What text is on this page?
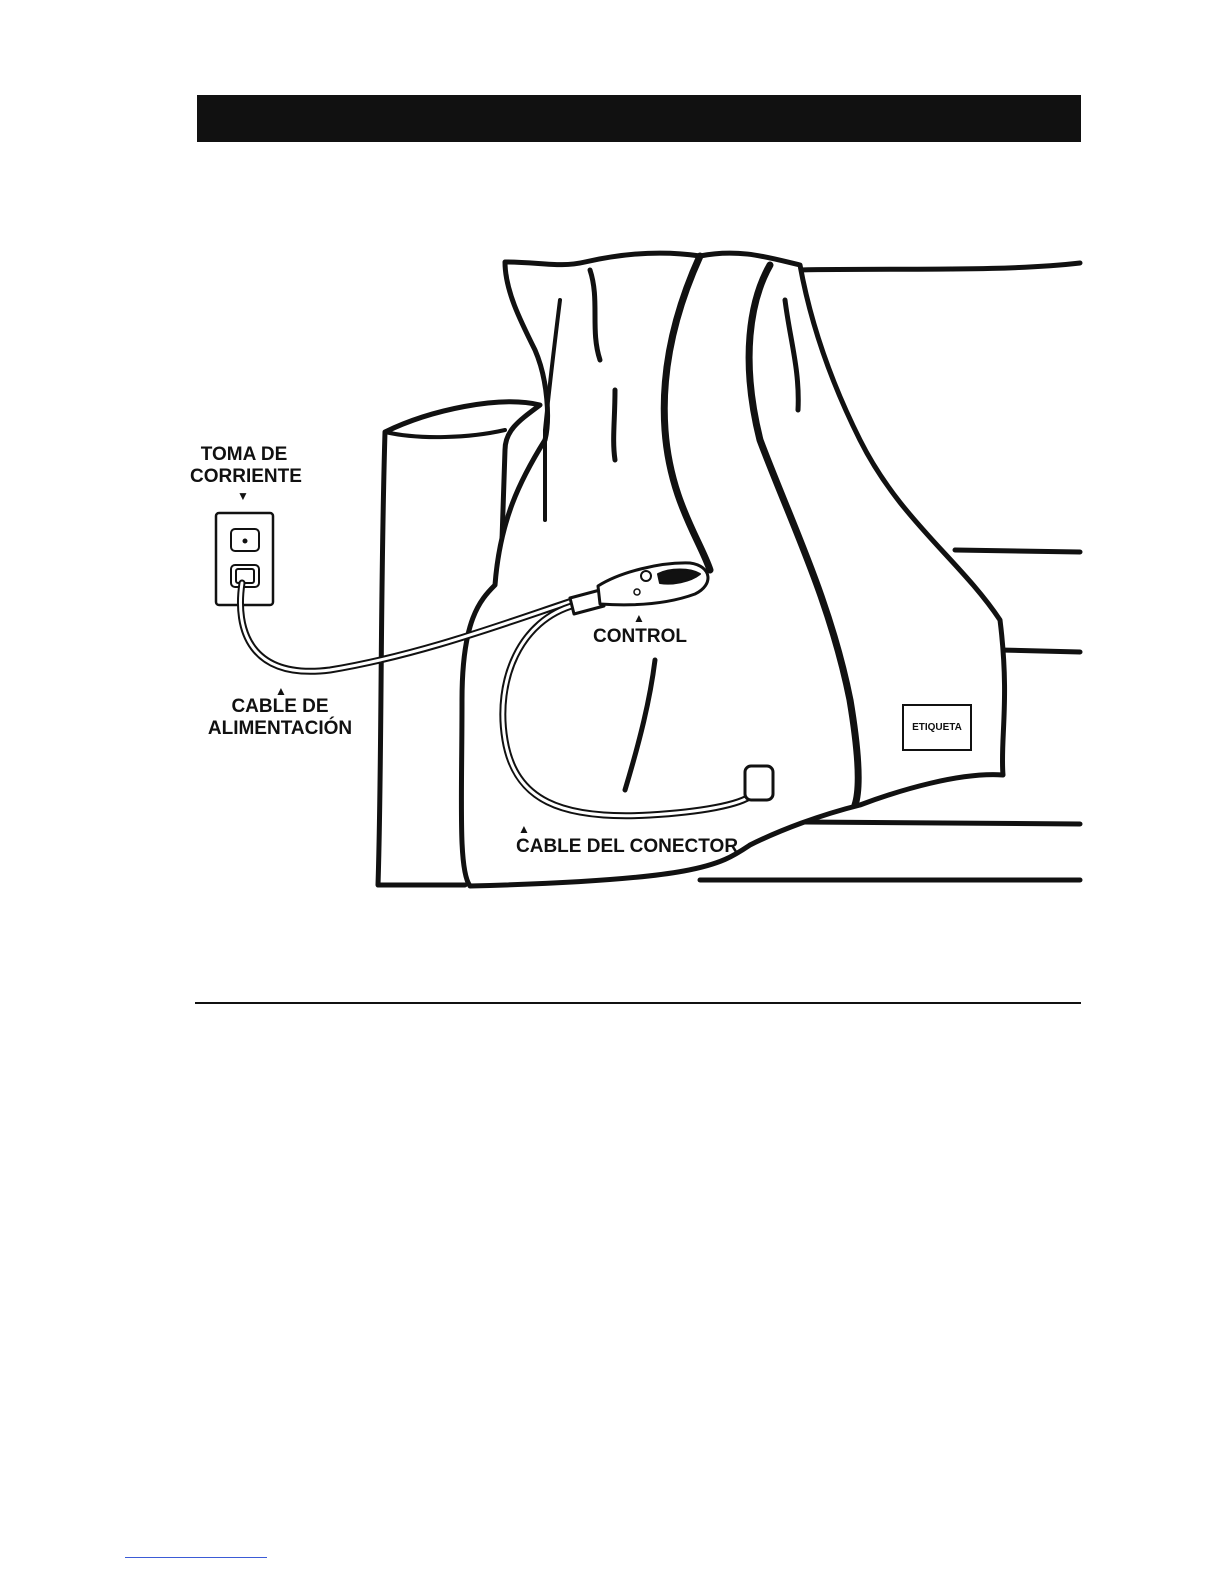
TOMA DE
CORRIENTE
▼
▲
CONTROL
▲
CABLE DE
ALIMENTACIÓN
▲
CABLE DEL CONECTOR
ETIQUETA
